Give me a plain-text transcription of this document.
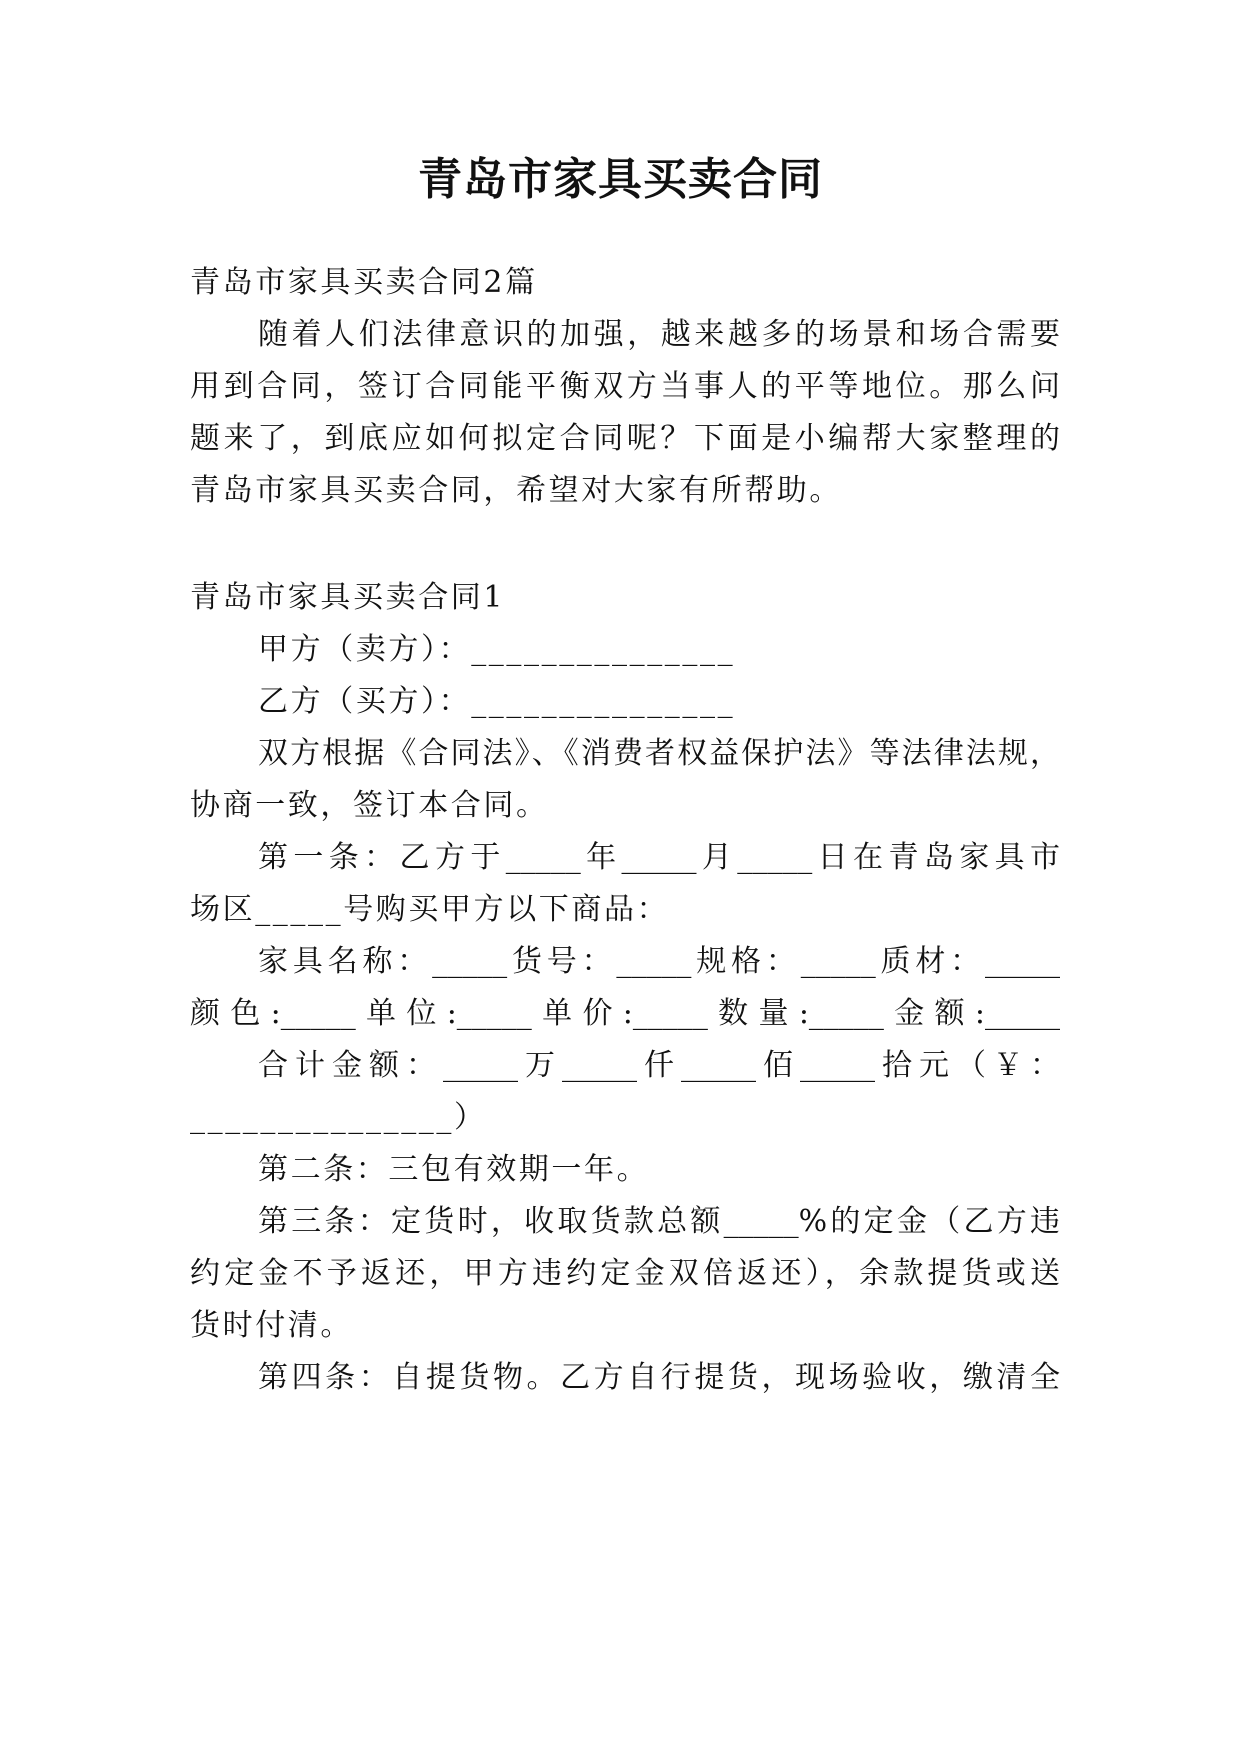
青岛市家具买卖合同
青岛市家具买卖合同2篇
随着人们法律意识的加强，越来越多的场景和场合需要
用到合同，签订合同能平衡双方当事人的平等地位。那么问
题来了，到底应如何拟定合同呢？下面是小编帮大家整理的
青岛市家具买卖合同，希望对大家有所帮助。
青岛市家具买卖合同1
甲方（卖方）：_______________
乙方（买方）：_______________
双方根据《合同法》、《消费者权益保护法》等法律法规，
协商一致，签订本合同。
第一条：乙方于_____年_____月_____日在青岛家具市
场区_____号购买甲方以下商品：
家具名称：_____货号：_____规格：_____质材：_____
颜色:_____单位:_____单价:_____数量:_____金额:_____
合计金额：_____万_____仟_____佰_____拾元（￥：
_______________）
第二条：三包有效期一年。
第三条：定货时，收取货款总额_____%的定金（乙方违
约定金不予返还，甲方违约定金双倍返还），余款提货或送
货时付清。
第四条：自提货物。乙方自行提货，现场验收，缴清全
